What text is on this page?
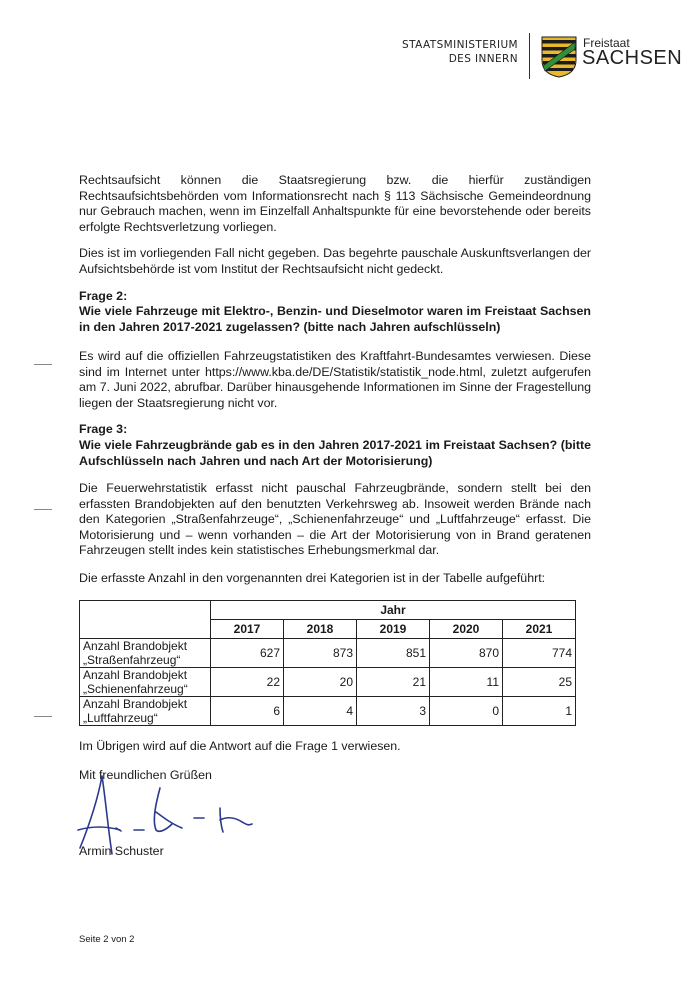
STAATSMINISTERIUM
DES INNERN
Freistaat
SACHSEN

Rechtsaufsicht können die Staatsregierung bzw. die hierfür zuständigen Rechtsaufsichtsbehörden vom Informationsrecht nach § 113 Sächsische Gemeindeordnung nur Gebrauch machen, wenn im Einzelfall Anhaltspunkte für eine bevorstehende oder bereits erfolgte Rechtsverletzung vorliegen.

Dies ist im vorliegenden Fall nicht gegeben. Das begehrte pauschale Auskunftsverlangen der Aufsichtsbehörde ist vom Institut der Rechtsaufsicht nicht gedeckt.

Frage 2:
Wie viele Fahrzeuge mit Elektro-, Benzin- und Dieselmotor waren im Freistaat Sachsen in den Jahren 2017-2021 zugelassen? (bitte nach Jahren aufschlüsseln)
Es wird auf die offiziellen Fahrzeugstatistiken des Kraftfahrt-Bundesamtes verwiesen. Diese sind im Internet unter https://www.kba.de/DE/Statistik/statistik_node.html, zuletzt aufgerufen am 7. Juni 2022, abrufbar. Darüber hinausgehende Informationen im Sinne der Fragestellung liegen der Staatsregierung nicht vor.
Frage 3:
Wie viele Fahrzeugbrände gab es in den Jahren 2017-2021 im Freistaat Sachsen? (bitte Aufschlüsseln nach Jahren und nach Art der Motorisierung)
Die Feuerwehrstatistik erfasst nicht pauschal Fahrzeugbrände, sondern stellt bei den erfassten Brandobjekten auf den benutzten Verkehrsweg ab. Insoweit werden Brände nach den Kategorien „Straßenfahrzeuge“, „Schienenfahrzeuge“ und „Luftfahrzeuge“ erfasst. Die Motorisierung und – wenn vorhanden – die Art der Motorisierung von in Brand geratenen Fahrzeugen stellt indes kein statistisches Erhebungsmerkmal dar.
Die erfasste Anzahl in den vorgenannten drei Kategorien ist in der Tabelle aufgeführt:
	Jahr				
	2017	2018	2019	2020	2021

Anzahl Brandobjekt
„Straßenfahrzeug“	627	873	851	870	774

Anzahl Brandobjekt
„Schienenfahrzeug“	22	20	21	11	25

Anzahl Brandobjekt
„Luftfahrzeug“	6	4	3	0	1
Im Übrigen wird auf die Antwort auf die Frage 1 verwiesen.
Mit freundlichen Grüßen
Armin Schuster
Seite 2 von 2
